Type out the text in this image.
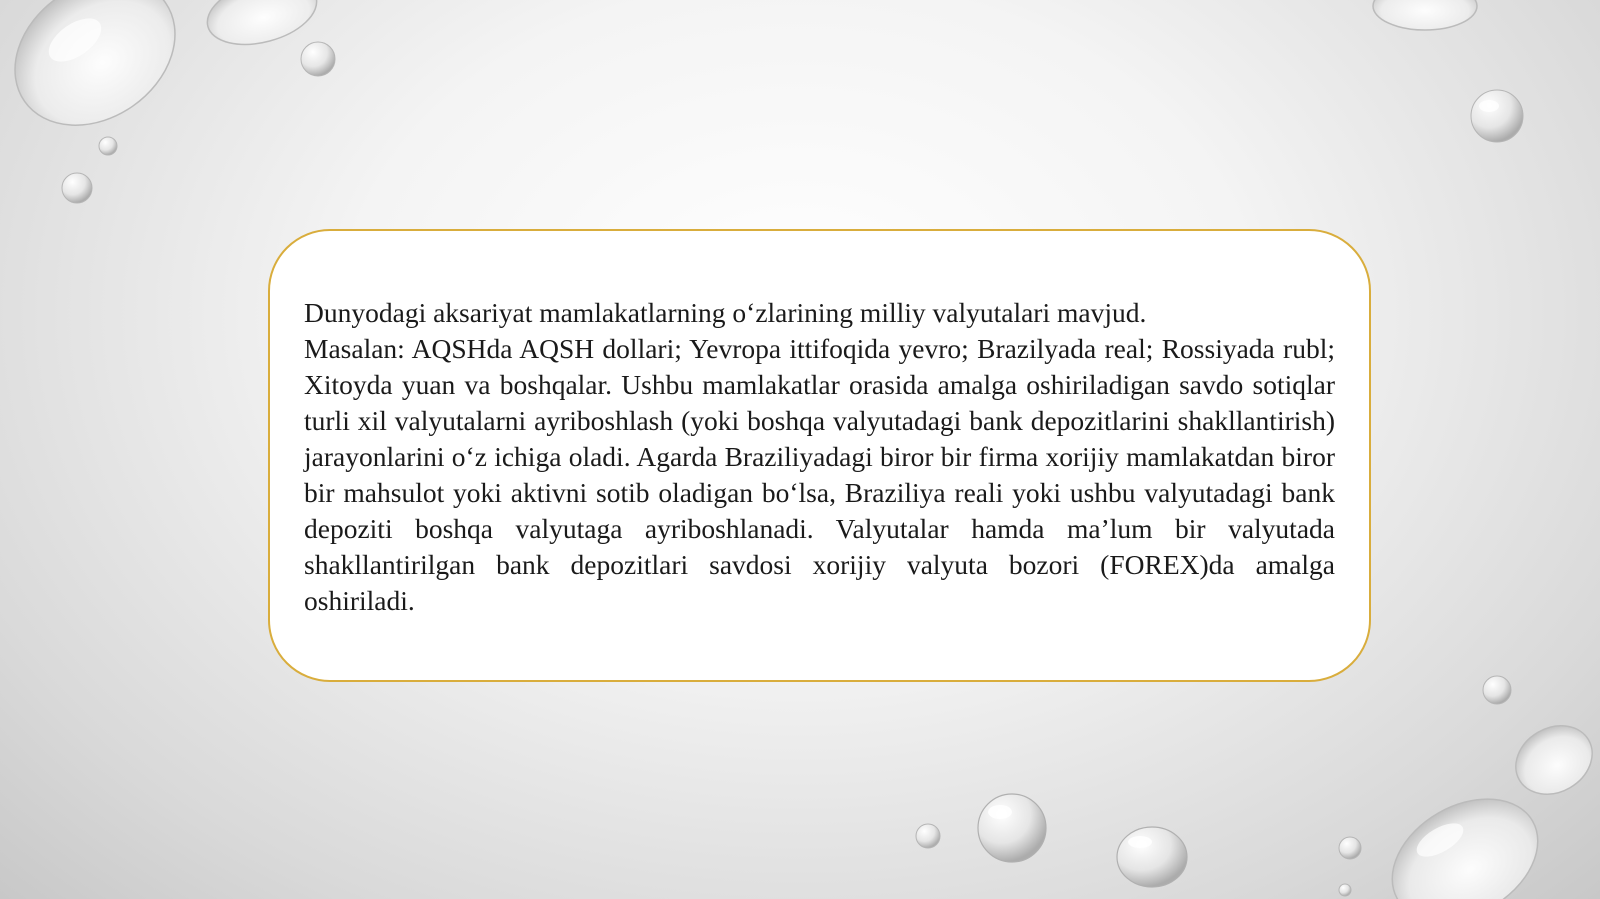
Dunyodagi aksariyat mamlakatlarning o‘zlarining milliy valyutalari mavjud.
Masalan: AQSHda AQSH dollari; Yevropa ittifoqida yevro; Brazilyada real; Rossiyada rubl; Xitoyda yuan va boshqalar. Ushbu mamlakatlar orasida amalga oshiriladigan savdo sotiqlar turli xil valyutalarni ayriboshlash (yoki boshqa valyutadagi bank depozitlarini shakllantirish) jarayonlarini o‘z ichiga oladi. Agarda Braziliyadagi biror bir firma xorijiy mamlakatdan biror bir mahsulot yoki aktivni sotib oladigan bo‘lsa, Braziliya reali yoki ushbu valyutadagi bank depoziti boshqa valyutaga ayriboshlanadi. Valyutalar hamda ma’lum bir valyutada shakllantirilgan bank depozitlari savdosi xorijiy valyuta bozori (FOREX)da amalga oshiriladi.
